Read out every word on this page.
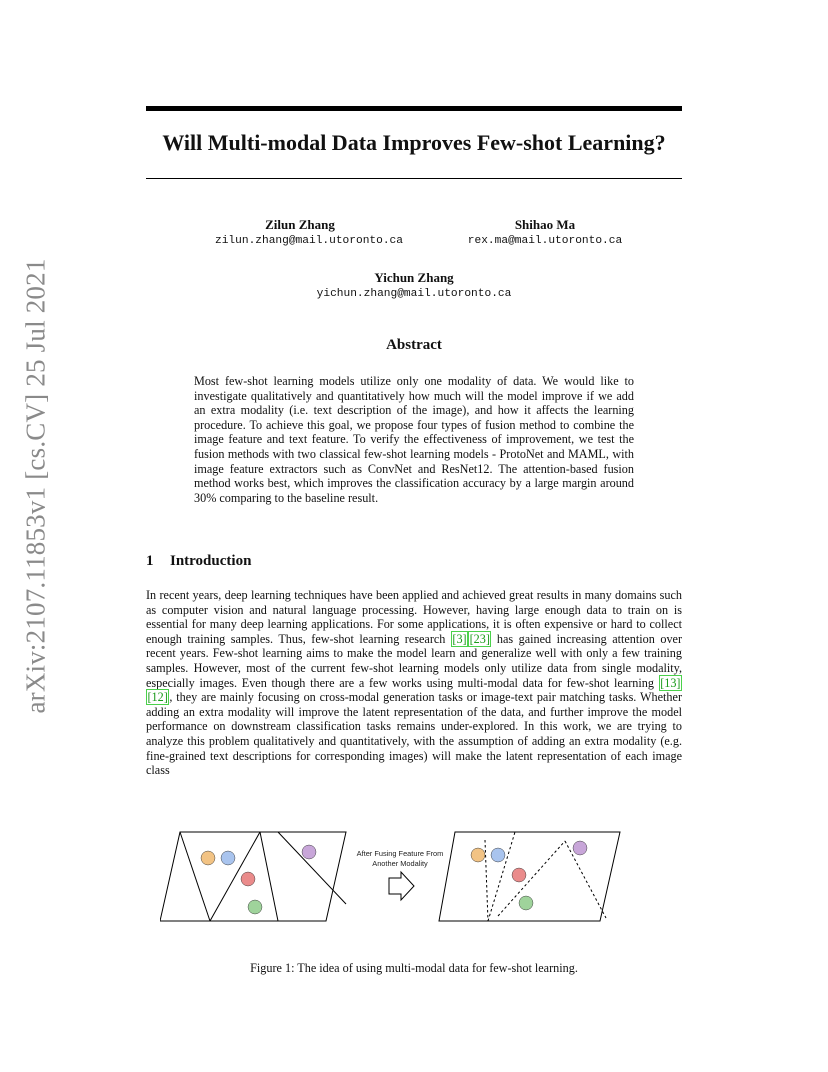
arXiv:2107.11853v1 [cs.CV] 25 Jul 2021
Will Multi-modal Data Improves Few-shot Learning?
Zilun Zhang
zilun.zhang@mail.utoronto.ca
Shihao Ma
rex.ma@mail.utoronto.ca
Yichun Zhang
yichun.zhang@mail.utoronto.ca
Abstract

Most few-shot learning models utilize only one modality of data. We would like to investigate qualitatively and quantitatively how much will the model improve if we add an extra modality (i.e. text description of the image), and how it affects the learning procedure. To achieve this goal, we propose four types of fusion method to combine the image feature and text feature. To verify the effectiveness of improvement, we test the fusion methods with two classical few-shot learning models - ProtoNet and MAML, with image feature extractors such as ConvNet and ResNet12. The attention-based fusion method works best, which improves the classification accuracy by a large margin around 30% comparing to the baseline result.

1 Introduction

In recent years, deep learning techniques have been applied and achieved great results in many domains such as computer vision and natural language processing. However, having large enough data to train on is essential for many deep learning applications. For some applications, it is often expensive or hard to collect enough training samples. Thus, few-shot learning research [3] [23] has gained increasing attention over recent years. Few-shot learning aims to make the model learn and generalize well with only a few training samples. However, most of the current few-shot learning models only utilize data from single modality, especially images. Even though there are a few works using multi-modal data for few-shot learning [13] [12] , they are mainly focusing on cross-modal generation tasks or image-text pair matching tasks. Whether adding an extra modality will improve the latent representation of the data, and further improve the model performance on downstream classification tasks remains under-explored. In this work, we are trying to analyze this problem qualitatively and quantitatively, with the assumption of adding an extra modality (e.g. fine-grained text descriptions for corresponding images) will make the latent representation of each image class

After Fusing Feature From
Another Modality

Figure 1: The idea of using multi-modal data for few-shot learning.
